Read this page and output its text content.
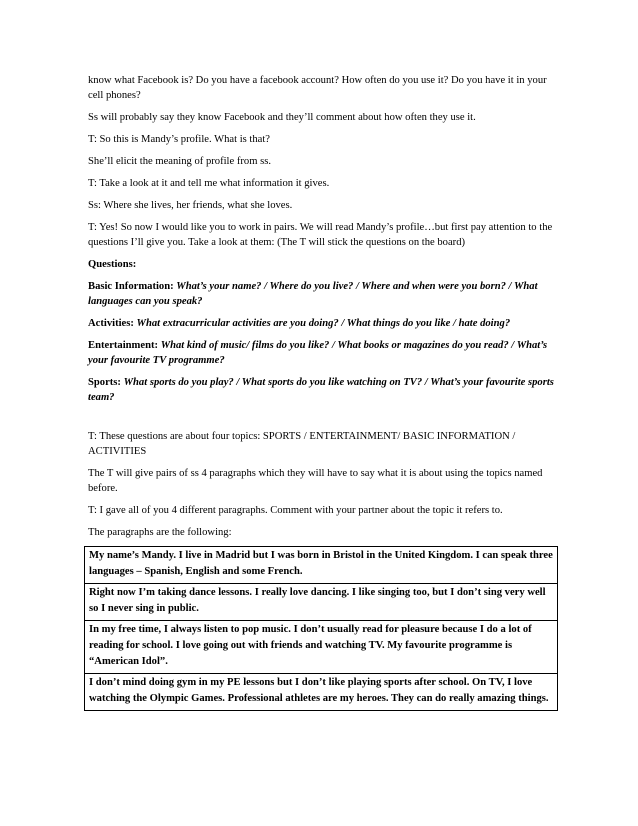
know what Facebook is? Do you have a facebook account? How often do you use it? Do you have it in your cell phones?

Ss will probably say they know Facebook and they’ll comment about how often they use it.

T: So this is Mandy’s profile. What is that?

She’ll elicit the meaning of profile from ss.

T: Take a look at it and tell me what information it gives.

Ss: Where she lives, her friends, what she loves.

T: Yes! So now I would like you to work in pairs. We will read Mandy’s profile…but first pay attention to the questions I’ll give you. Take a look at them: (The T will stick the questions on the board)

Questions:

Basic Information: What’s your name? / Where do you live? / Where and when were you born? / What languages can you speak?

Activities: What extracurricular activities are you doing? / What things do you like / hate doing?

Entertainment: What kind of music/ films do you like? / What books or magazines do you read? / What’s your favourite TV programme?

Sports: What sports do you play? / What sports do you like watching on TV? / What’s your favourite sports team?

T: These questions are about four topics: SPORTS / ENTERTAINMENT/ BASIC INFORMATION / ACTIVITIES

The T will give pairs of ss 4 paragraphs which they will have to say what it is about using the topics named before.

T: I gave all of you 4 different paragraphs. Comment with your partner about the topic it refers to.

The paragraphs are the following:

My name’s Mandy. I live in Madrid but I was born in Bristol in the United Kingdom. I can speak three languages – Spanish, English and some French.
Right now I’m taking dance lessons. I really love dancing. I like singing too, but I don’t sing very well so I never sing in public.
In my free time, I always listen to pop music. I don’t usually read for pleasure because I do a lot of reading for school. I love going out with friends and watching TV. My favourite programme is “American Idol”.
I don’t mind doing gym in my PE lessons but I don’t like playing sports after school. On TV, I love watching the Olympic Games. Professional athletes are my heroes. They can do really amazing things.
